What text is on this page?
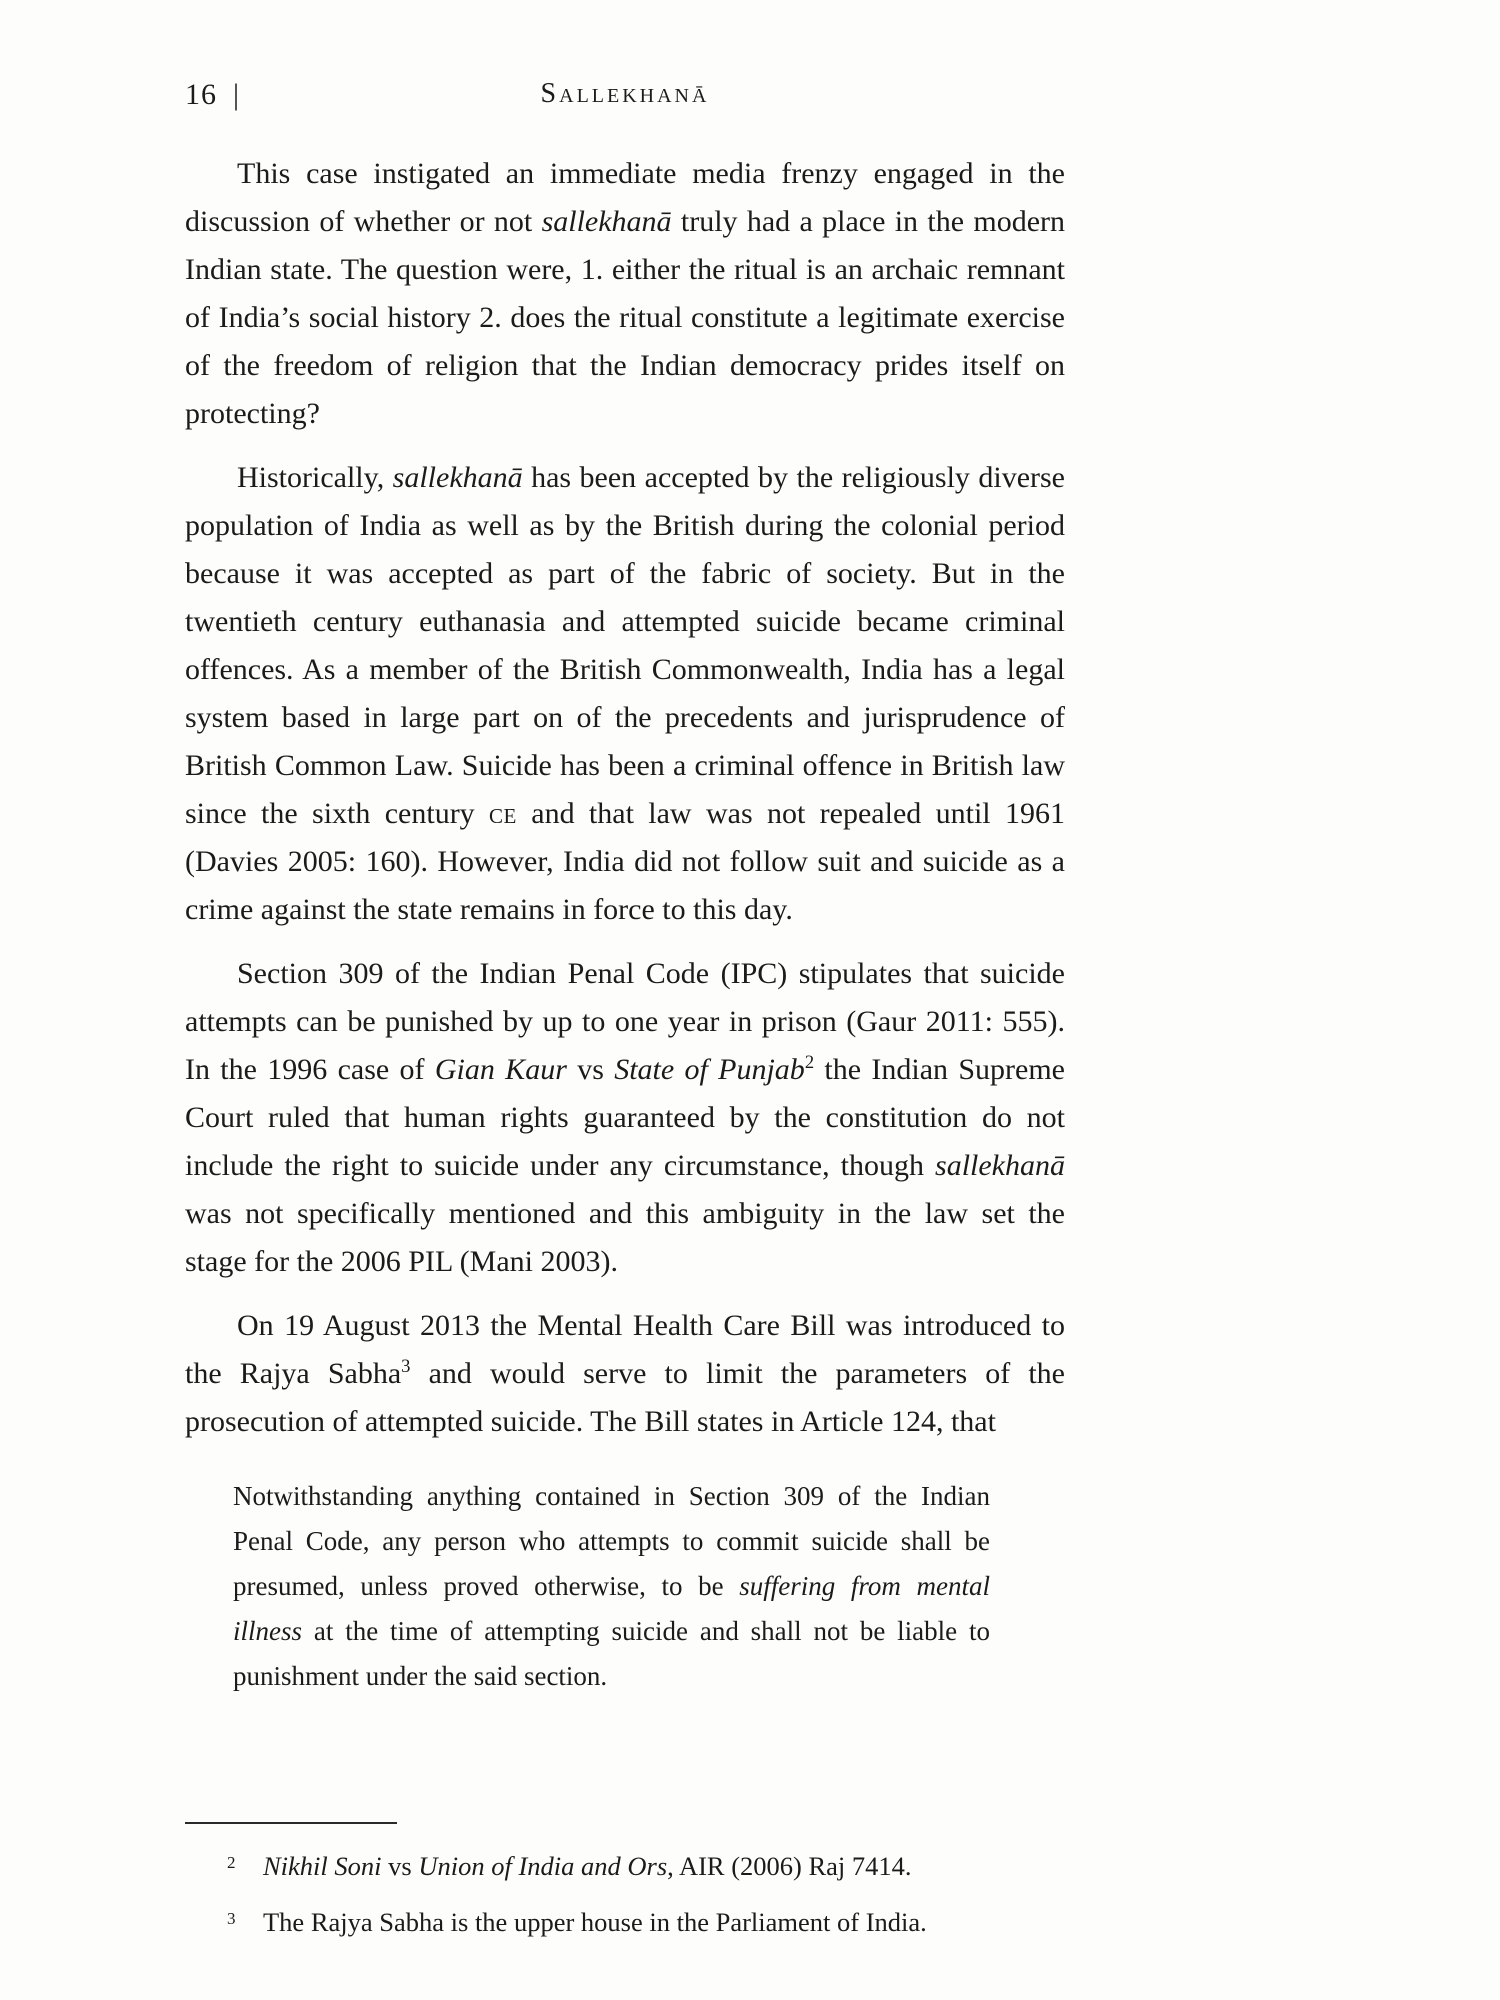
16 |	Sallekhanā

This case instigated an immediate media frenzy engaged in the discussion of whether or not sallekhanā truly had a place in the modern Indian state. The question were, 1. either the ritual is an archaic remnant of India’s social history 2. does the ritual constitute a legitimate exercise of the freedom of religion that the Indian democracy prides itself on protecting?

Historically, sallekhanā has been accepted by the religiously diverse population of India as well as by the British during the colonial period because it was accepted as part of the fabric of society. But in the twentieth century euthanasia and attempted suicide became criminal offences. As a member of the British Commonwealth, India has a legal system based in large part on of the precedents and jurisprudence of British Common Law. Suicide has been a criminal offence in British law since the sixth century ce and that law was not repealed until 1961 (Davies 2005: 160). However, India did not follow suit and suicide as a crime against the state remains in force to this day.

Section 309 of the Indian Penal Code (IPC) stipulates that suicide attempts can be punished by up to one year in prison (Gaur 2011: 555). In the 1996 case of Gian Kaur vs State of Punjab$^2$ the Indian Supreme Court ruled that human rights guaranteed by the constitution do not include the right to suicide under any circumstance, though sallekhanā was not specifically mentioned and this ambiguity in the law set the stage for the 2006 PIL (Mani 2003).

On 19 August 2013 the Mental Health Care Bill was introduced to the Rajya Sabha$^3$ and would serve to limit the parameters of the prosecution of attempted suicide. The Bill states in Article 124, that

Notwithstanding anything contained in Section 309 of the Indian Penal Code, any person who attempts to commit suicide shall be presumed, unless proved otherwise, to be suffering from mental illness at the time of attempting suicide and shall not be liable to punishment under the said section.
2 Nikhil Soni vs Union of India and Ors, AIR (2006) Raj 7414.
3 The Rajya Sabha is the upper house in the Parliament of India.
